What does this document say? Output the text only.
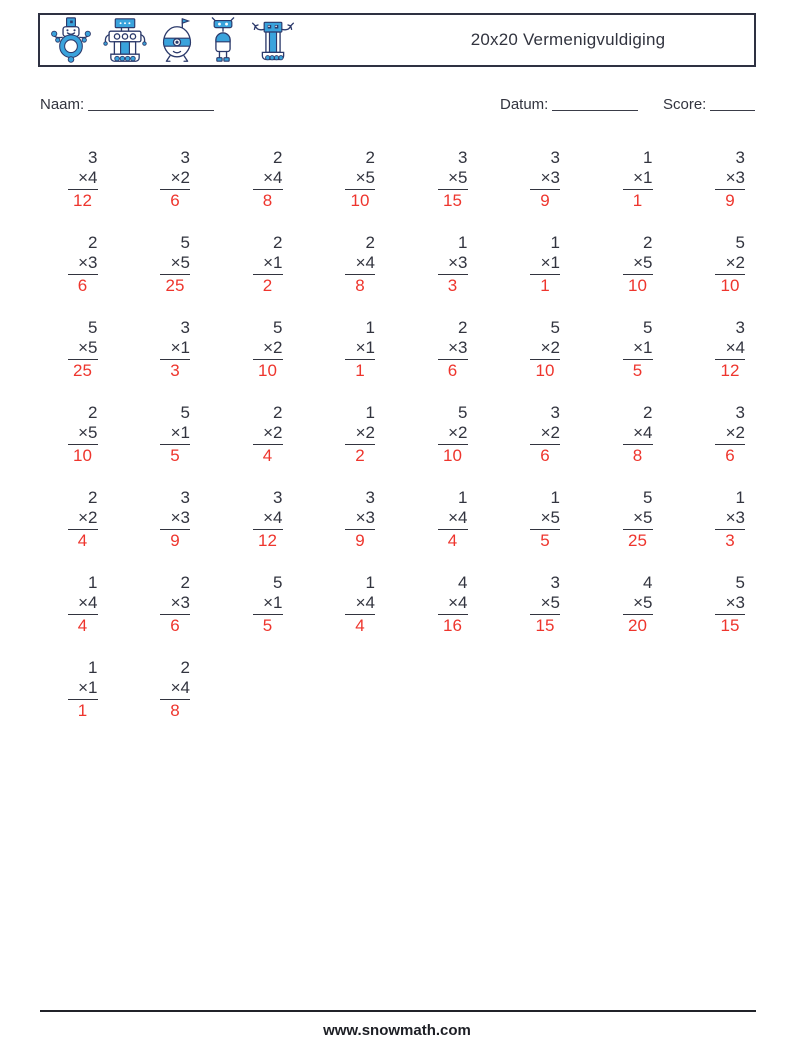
20x20 Vermenigvuldiging
Naam:	Datum:	Score:
3
×4
12
3
×2
6
2
×4
8
2
×5
10
3
×5
15
3
×3
9
1
×1
1
3
×3
9
2
×3
6
5
×5
25
2
×1
2
2
×4
8
1
×3
3
1
×1
1
2
×5
10
5
×2
10
5
×5
25
3
×1
3
5
×2
10
1
×1
1
2
×3
6
5
×2
10
5
×1
5
3
×4
12
2
×5
10
5
×1
5
2
×2
4
1
×2
2
5
×2
10
3
×2
6
2
×4
8
3
×2
6
2
×2
4
3
×3
9
3
×4
12
3
×3
9
1
×4
4
1
×5
5
5
×5
25
1
×3
3
1
×4
4
2
×3
6
5
×1
5
1
×4
4
4
×4
16
3
×5
15
4
×5
20
5
×3
15
1
×1
1
2
×4
8
www.snowmath.com
